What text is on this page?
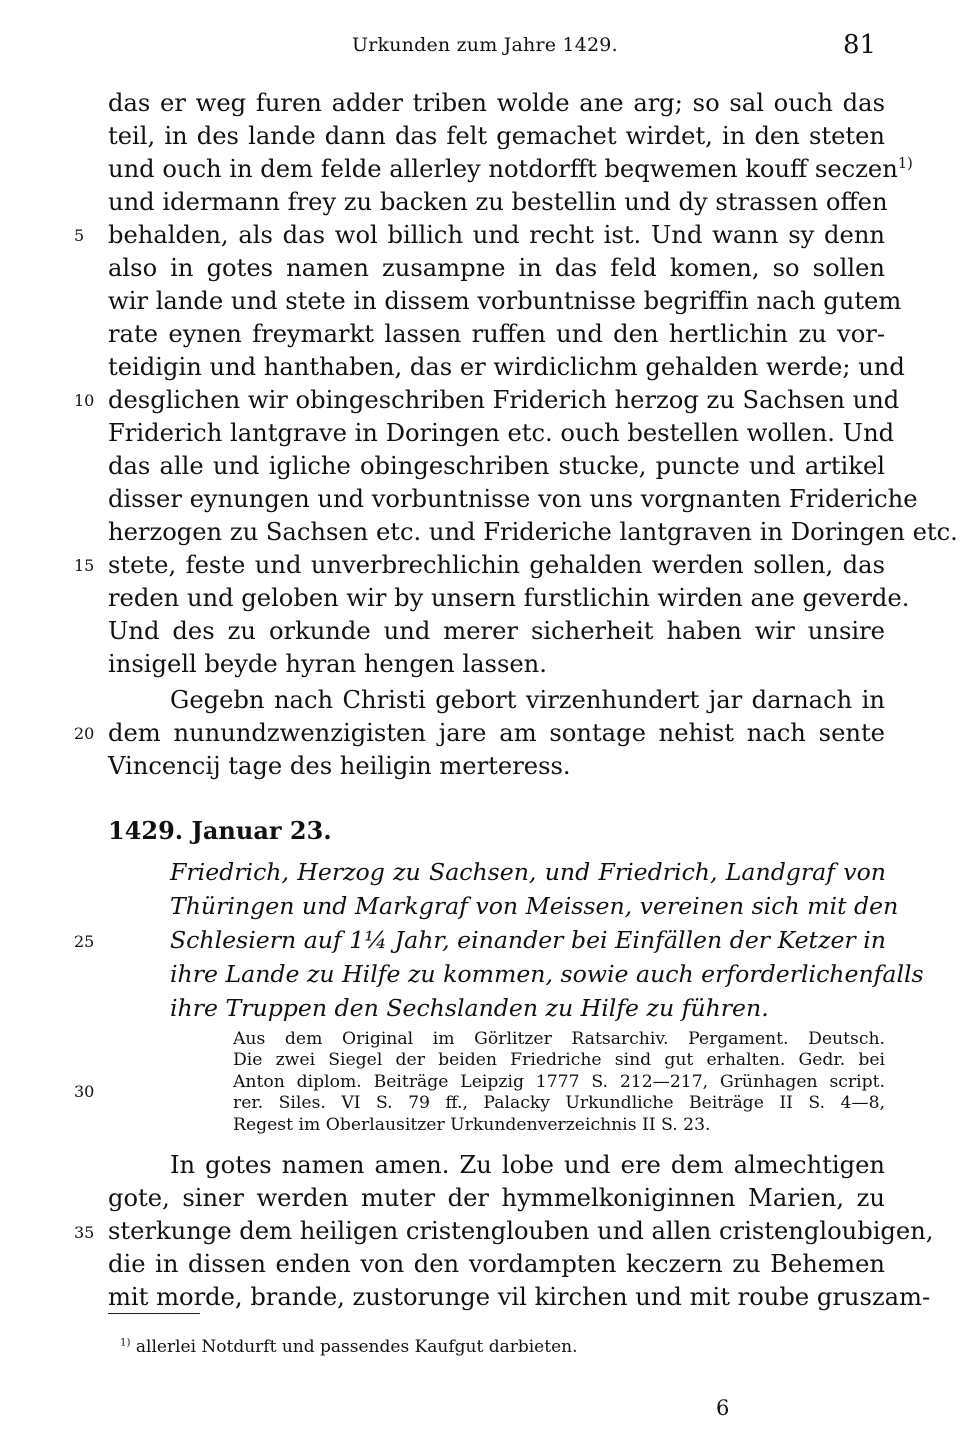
Urkunden zum Jahre 1429.	81
das er weg furen adder triben wolde ane arg; so sal ouch das
teil, in des lande dann das felt gemachet wirdet, in den steten
und ouch in dem felde allerley notdorfft beqwemen kouff seczen$^{1)}$
und idermann frey zu backen zu bestellin und dy strassen offen
behalden, als das wol billich und recht ist. Und wann sy denn
also in gotes namen zusampne in das feld komen, so sollen
wir lande und stete in dissem vorbuntnisse begriffin nach gutem
rate eynen freymarkt lassen ruffen und den hertlichin zu vor-
teidigin und hanthaben, das er wirdiclichm gehalden werde; und
desglichen wir obingeschriben Friderich herzog zu Sachsen und
Friderich lantgrave in Doringen etc. ouch bestellen wollen. Und
das alle und igliche obingeschriben stucke, puncte und artikel
disser eynungen und vorbuntnisse von uns vorgnanten Frideriche
herzogen zu Sachsen etc. und Frideriche lantgraven in Doringen etc.
stete, feste und unverbrechlichin gehalden werden sollen, das
reden und geloben wir by unsern furstlichin wirden ane geverde.
Und des zu orkunde und merer sicherheit haben wir unsire
insigell beyde hyran hengen lassen.
Gegebn nach Christi gebort virzenhundert jar darnach in
dem nunundzwenzigisten jare am sontage nehist nach sente
Vincencij tage des heiligin merteress.
5
10
15
20
25
30
35
1429. Januar 23.
Friedrich, Herzog zu Sachsen, und Friedrich, Landgraf von
Thüringen und Markgraf von Meissen, vereinen sich mit den
Schlesiern auf 1¼ Jahr, einander bei Einfällen der Ketzer in
ihre Lande zu Hilfe zu kommen, sowie auch erforderlichenfalls
ihre Truppen den Sechslanden zu Hilfe zu führen.
Aus dem Original im Görlitzer Ratsarchiv. Pergament. Deutsch.
Die zwei Siegel der beiden Friedriche sind gut erhalten. Gedr. bei
Anton diplom. Beiträge Leipzig 1777 S. 212—217, Grünhagen script.
rer. Siles. VI S. 79 ff., Palacky Urkundliche Beiträge II S. 4—8,
Regest im Oberlausitzer Urkundenverzeichnis II S. 23.
In gotes namen amen. Zu lobe und ere dem almechtigen
gote, siner werden muter der hymmelkoniginnen Marien, zu
sterkunge dem heiligen cristenglouben und allen cristengloubigen,
die in dissen enden von den vordampten keczern zu Behemen
mit morde, brande, zustorunge vil kirchen und mit roube gruszam-
$^{1)}$ allerlei Notdurft und passendes Kaufgut darbieten.
6
